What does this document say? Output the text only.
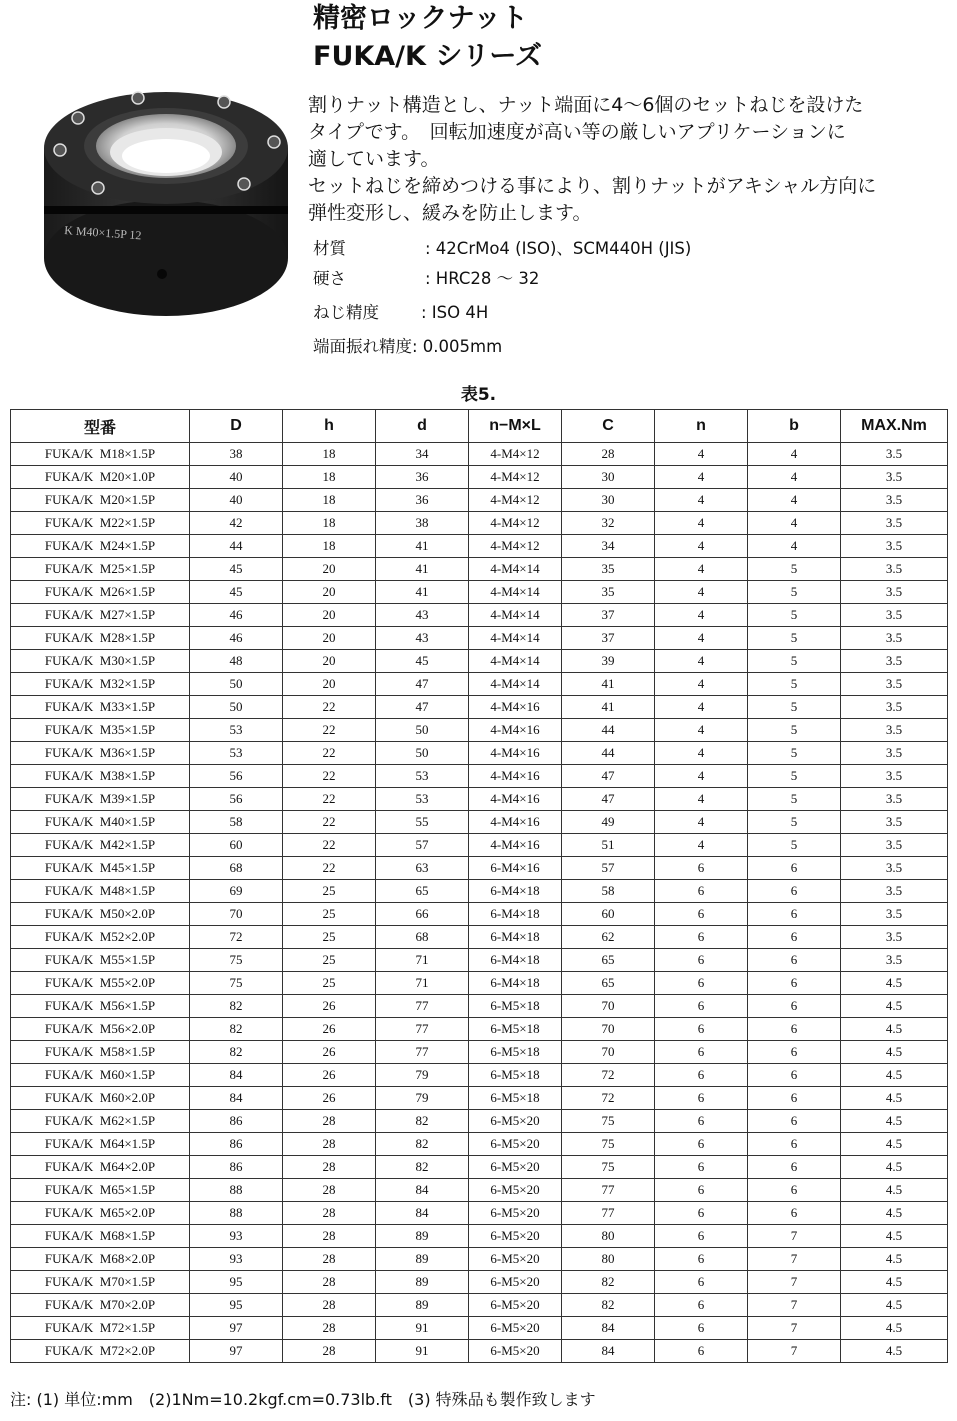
K M40×1.5P 12
精密ロックナット
FUKA/K シリーズ
割りナット構造とし、ナット端面に4〜6個のセットねじを設けた
タイプです。　回転加速度が高い等の厳しいアプリケーションに
適しています。
セットねじを締めつける事により、割りナットがアキシャル方向に
弾性変形し、緩みを防止します。
材質	: 42CrMo4 (ISO)、SCM440H (JIS)
硬さ	: HRC28 ～ 32
ねじ精度	: ISO 4H
端面振れ精度: 0.005mm
表5.
型番	D	h	d	n−M×L	C	n	b	MAX.Nm
FUKA/K  M18×1.5P	38	18	34	4-M4×12	28	4	4	3.5
FUKA/K  M20×1.0P	40	18	36	4-M4×12	30	4	4	3.5
FUKA/K  M20×1.5P	40	18	36	4-M4×12	30	4	4	3.5
FUKA/K  M22×1.5P	42	18	38	4-M4×12	32	4	4	3.5
FUKA/K  M24×1.5P	44	18	41	4-M4×12	34	4	4	3.5
FUKA/K  M25×1.5P	45	20	41	4-M4×14	35	4	5	3.5
FUKA/K  M26×1.5P	45	20	41	4-M4×14	35	4	5	3.5
FUKA/K  M27×1.5P	46	20	43	4-M4×14	37	4	5	3.5
FUKA/K  M28×1.5P	46	20	43	4-M4×14	37	4	5	3.5
FUKA/K  M30×1.5P	48	20	45	4-M4×14	39	4	5	3.5
FUKA/K  M32×1.5P	50	20	47	4-M4×14	41	4	5	3.5
FUKA/K  M33×1.5P	50	22	47	4-M4×16	41	4	5	3.5
FUKA/K  M35×1.5P	53	22	50	4-M4×16	44	4	5	3.5
FUKA/K  M36×1.5P	53	22	50	4-M4×16	44	4	5	3.5
FUKA/K  M38×1.5P	56	22	53	4-M4×16	47	4	5	3.5
FUKA/K  M39×1.5P	56	22	53	4-M4×16	47	4	5	3.5
FUKA/K  M40×1.5P	58	22	55	4-M4×16	49	4	5	3.5
FUKA/K  M42×1.5P	60	22	57	4-M4×16	51	4	5	3.5
FUKA/K  M45×1.5P	68	22	63	6-M4×16	57	6	6	3.5
FUKA/K  M48×1.5P	69	25	65	6-M4×18	58	6	6	3.5
FUKA/K  M50×2.0P	70	25	66	6-M4×18	60	6	6	3.5
FUKA/K  M52×2.0P	72	25	68	6-M4×18	62	6	6	3.5
FUKA/K  M55×1.5P	75	25	71	6-M4×18	65	6	6	3.5
FUKA/K  M55×2.0P	75	25	71	6-M4×18	65	6	6	4.5
FUKA/K  M56×1.5P	82	26	77	6-M5×18	70	6	6	4.5
FUKA/K  M56×2.0P	82	26	77	6-M5×18	70	6	6	4.5
FUKA/K  M58×1.5P	82	26	77	6-M5×18	70	6	6	4.5
FUKA/K  M60×1.5P	84	26	79	6-M5×18	72	6	6	4.5
FUKA/K  M60×2.0P	84	26	79	6-M5×18	72	6	6	4.5
FUKA/K  M62×1.5P	86	28	82	6-M5×20	75	6	6	4.5
FUKA/K  M64×1.5P	86	28	82	6-M5×20	75	6	6	4.5
FUKA/K  M64×2.0P	86	28	82	6-M5×20	75	6	6	4.5
FUKA/K  M65×1.5P	88	28	84	6-M5×20	77	6	6	4.5
FUKA/K  M65×2.0P	88	28	84	6-M5×20	77	6	6	4.5
FUKA/K  M68×1.5P	93	28	89	6-M5×20	80	6	7	4.5
FUKA/K  M68×2.0P	93	28	89	6-M5×20	80	6	7	4.5
FUKA/K  M70×1.5P	95	28	89	6-M5×20	82	6	7	4.5
FUKA/K  M70×2.0P	95	28	89	6-M5×20	82	6	7	4.5
FUKA/K  M72×1.5P	97	28	91	6-M5×20	84	6	7	4.5
FUKA/K  M72×2.0P	97	28	91	6-M5×20	84	6	7	4.5
注: (1) 単位:mm　(2)1Nm=10.2kgf.cm=0.73lb.ft　(3) 特殊品も製作致します
